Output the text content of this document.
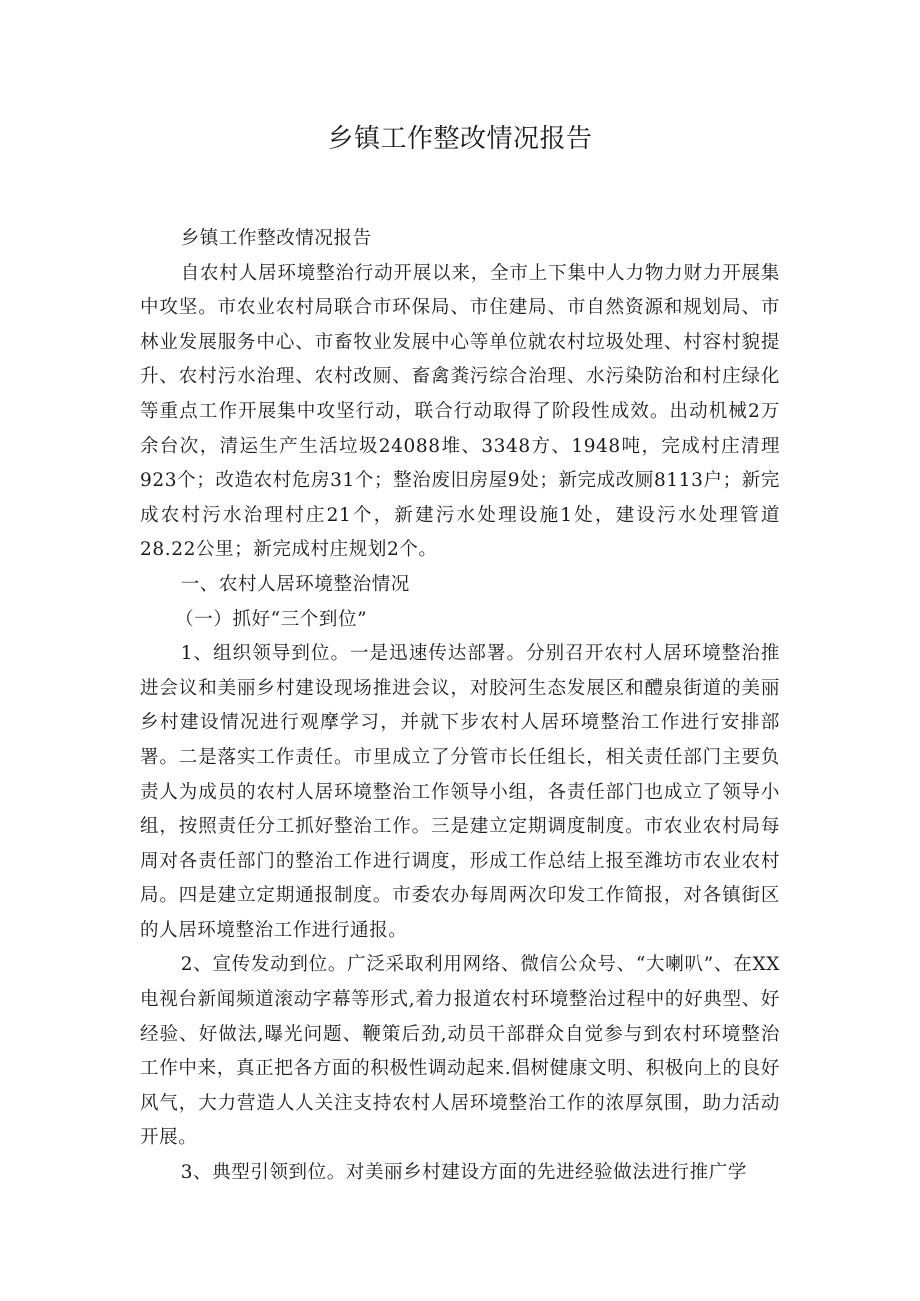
乡镇工作整改情况报告

乡镇工作整改情况报告

自农村人居环境整治行动开展以来，全市上下集中人力物力财力开展集中攻坚。市农业农村局联合市环保局、市住建局、市自然资源和规划局、市林业发展服务中心、市畜牧业发展中心等单位就农村垃圾处理、村容村貌提升、农村污水治理、农村改厕、畜禽粪污综合治理、水污染防治和村庄绿化等重点工作开展集中攻坚行动，联合行动取得了阶段性成效。出动机械2万余台次，清运生产生活垃圾24088堆、3348方、1948吨，完成村庄清理923个；改造农村危房31个；整治废旧房屋9处；新完成改厕8113户；新完成农村污水治理村庄21个，新建污水处理设施1处，建设污水处理管道28.22公里；新完成村庄规划2个。

一、农村人居环境整治情况

（一）抓好“三个到位”

1、组织领导到位。一是迅速传达部署。分别召开农村人居环境整治推进会议和美丽乡村建设现场推进会议，对胶河生态发展区和醴泉街道的美丽乡村建设情况进行观摩学习，并就下步农村人居环境整治工作进行安排部署。二是落实工作责任。市里成立了分管市长任组长，相关责任部门主要负责人为成员的农村人居环境整治工作领导小组，各责任部门也成立了领导小组，按照责任分工抓好整治工作。三是建立定期调度制度。市农业农村局每周对各责任部门的整治工作进行调度，形成工作总结上报至潍坊市农业农村局。四是建立定期通报制度。市委农办每周两次印发工作简报，对各镇街区的人居环境整治工作进行通报。

2、宣传发动到位。广泛采取利用网络、微信公众号、“大喇叭”、在XX电视台新闻频道滚动字幕等形式,着力报道农村环境整治过程中的好典型、好经验、好做法,曝光问题、鞭策后劲,动员干部群众自觉参与到农村环境整治工作中来，真正把各方面的积极性调动起来.倡树健康文明、积极向上的良好风气，大力营造人人关注支持农村人居环境整治工作的浓厚氛围，助力活动开展。

3、典型引领到位。对美丽乡村建设方面的先进经验做法进行推广学
